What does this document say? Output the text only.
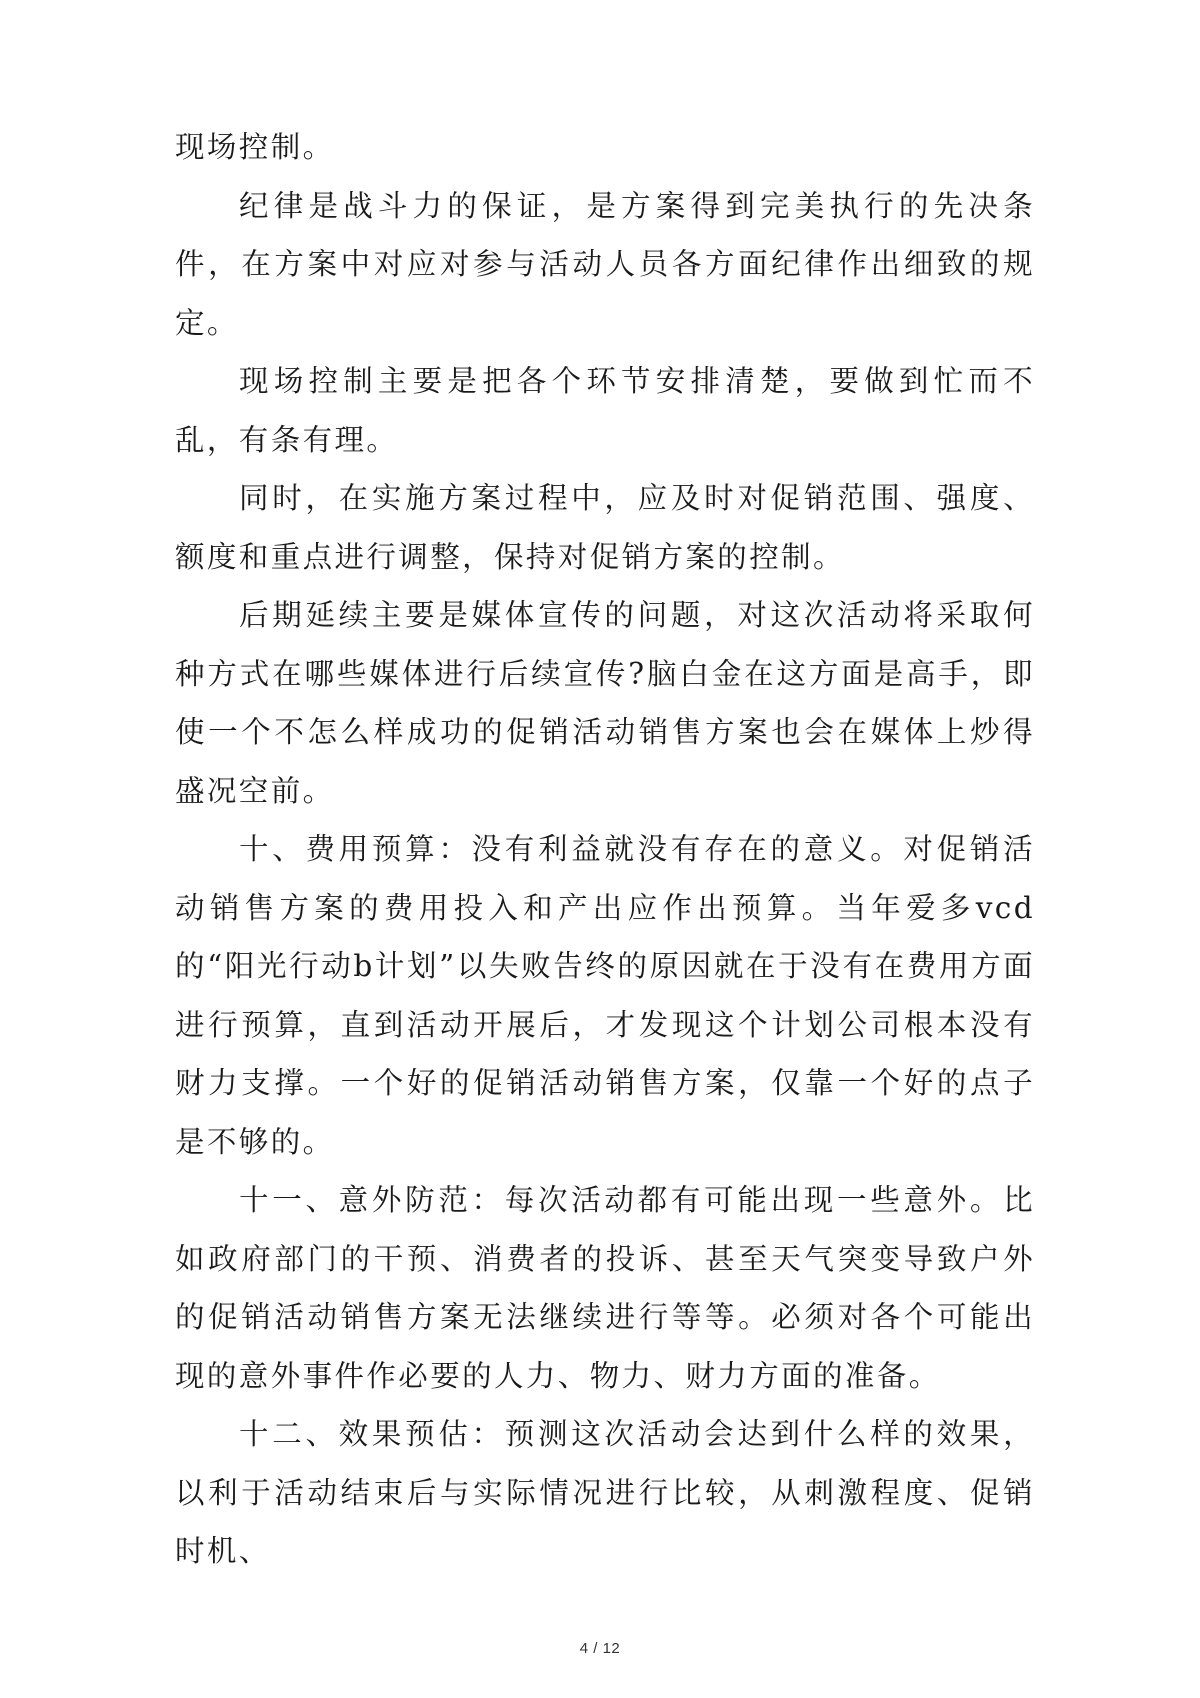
现场控制。

纪律是战斗力的保证，是方案得到完美执行的先决条件，在方案中对应对参与活动人员各方面纪律作出细致的规定。

现场控制主要是把各个环节安排清楚，要做到忙而不乱，有条有理。

同时，在实施方案过程中，应及时对促销范围、强度、额度和重点进行调整，保持对促销方案的控制。

后期延续主要是媒体宣传的问题，对这次活动将采取何种方式在哪些媒体进行后续宣传?脑白金在这方面是高手，即使一个不怎么样成功的促销活动销售方案也会在媒体上炒得盛况空前。

十、费用预算：没有利益就没有存在的意义。对促销活动销售方案的费用投入和产出应作出预算。当年爱多vcd的“阳光行动b计划”以失败告终的原因就在于没有在费用方面进行预算，直到活动开展后，才发现这个计划公司根本没有财力支撑。一个好的促销活动销售方案，仅靠一个好的点子是不够的。

十一、意外防范：每次活动都有可能出现一些意外。比如政府部门的干预、消费者的投诉、甚至天气突变导致户外的促销活动销售方案无法继续进行等等。必须对各个可能出现的意外事件作必要的人力、物力、财力方面的准备。

十二、效果预估：预测这次活动会达到什么样的效果，以利于活动结束后与实际情况进行比较，从刺激程度、促销时机、

4 / 12
